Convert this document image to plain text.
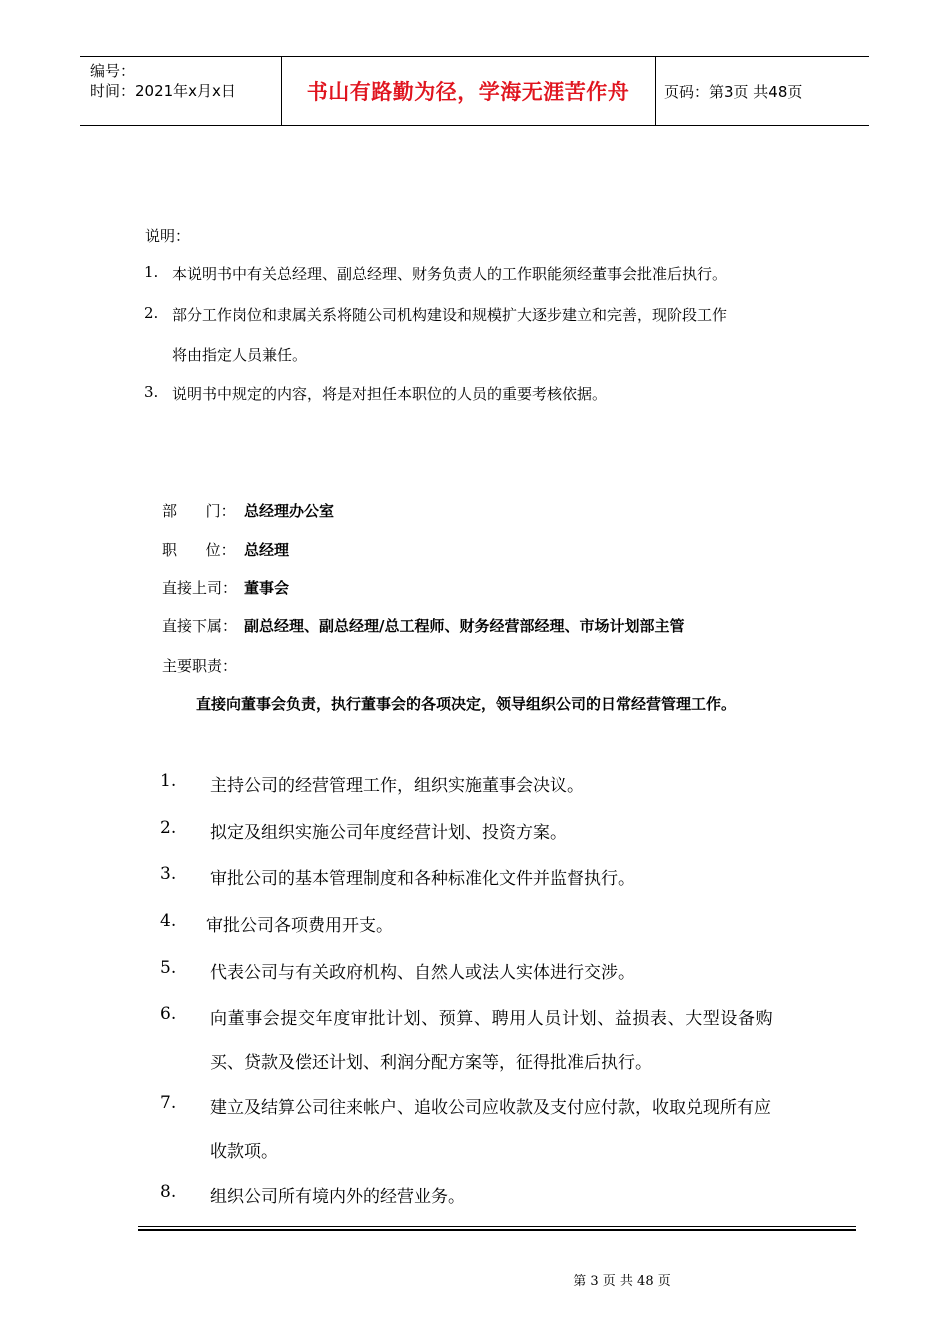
编号：
时间：2021年x月x日	书山有路勤为径，学海无涯苦作舟	页码：第3页 共48页
说明：
1. 本说明书中有关总经理、副总经理、财务负责人的工作职能须经董事会批准后执行。
2. 部分工作岗位和隶属关系将随公司机构建设和规模扩大逐步建立和完善，现阶段工作
将由指定人员兼任。
3. 说明书中规定的内容，将是对担任本职位的人员的重要考核依据。
部      门： 总经理办公室
职      位： 总经理
直接上司： 董事会
直接下属： 副总经理、副总经理/总工程师、财务经营部经理、市场计划部主管
主要职责：
直接向董事会负责，执行董事会的各项决定，领导组织公司的日常经营管理工作。
1. 主持公司的经营管理工作，组织实施董事会决议。
2. 拟定及组织实施公司年度经营计划、投资方案。
3. 审批公司的基本管理制度和各种标准化文件并监督执行。
4. 审批公司各项费用开支。
5. 代表公司与有关政府机构、自然人或法人实体进行交涉。
6. 向董事会提交年度审批计划、预算、聘用人员计划、益损表、大型设备购
买、贷款及偿还计划、利润分配方案等，征得批准后执行。
7. 建立及结算公司往来帐户、追收公司应收款及支付应付款，收取兑现所有应
收款项。
8. 组织公司所有境内外的经营业务。
第 3 页 共 48 页
